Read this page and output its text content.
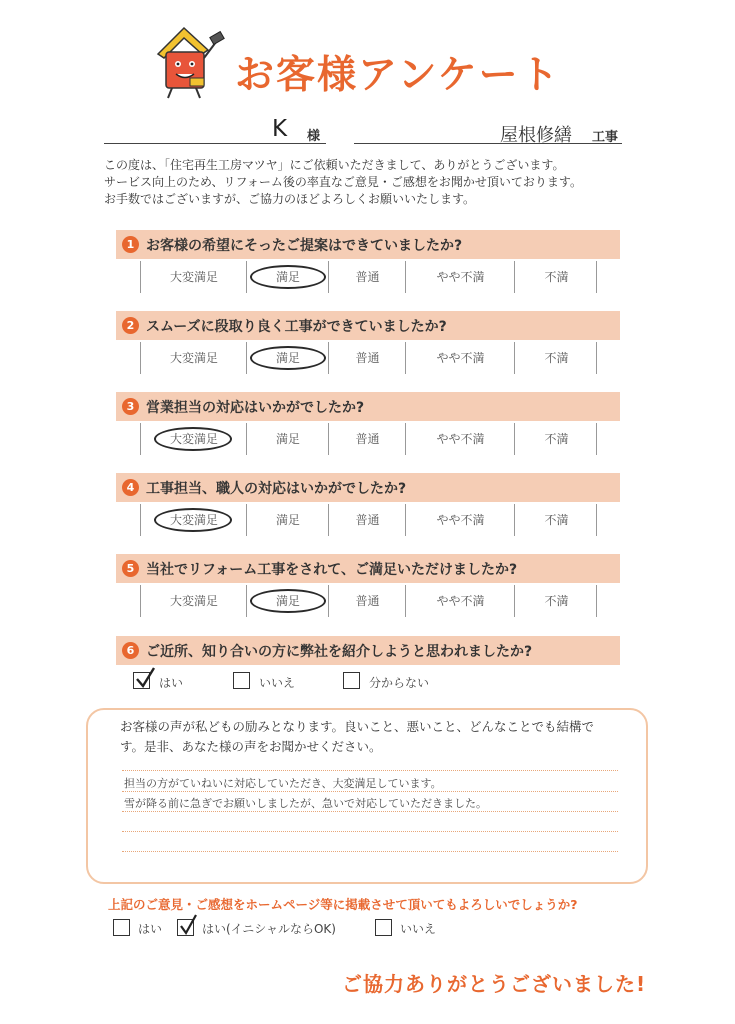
お客様アンケート
K 様	屋根修繕 工事
この度は、「住宅再生工房マツヤ」にご依頼いただきまして、ありがとうございます。
サービス向上のため、リフォーム後の率直なご意見・ご感想をお聞かせ頂いております。
お手数ではございますが、ご協力のほどよろしくお願いいたします。
1 お客様の希望にそったご提案はできていましたか?
大変満足	満足	普通	やや不満	不満
2 スムーズに段取り良く工事ができていましたか?
大変満足	満足	普通	やや不満	不満
3 営業担当の対応はいかがでしたか?
大変満足	満足	普通	やや不満	不満
4 工事担当、職人の対応はいかがでしたか?
大変満足	満足	普通	やや不満	不満
5 当社でリフォーム工事をされて、ご満足いただけましたか?
大変満足	満足	普通	やや不満	不満
6 ご近所、知り合いの方に弊社を紹介しようと思われましたか?
はい	いいえ	分からない
お客様の声が私どもの励みとなります。良いこと、悪いこと、どんなことでも結構で
す。是非、あなた様の声をお聞かせください。
担当の方がていねいに対応していただき、大変満足しています。
雪が降る前に急ぎでお願いしましたが、急いで対応していただきました。
上記のご意見・ご感想をホームページ等に掲載させて頂いてもよろしいでしょうか?
はい	はい(イニシャルならOK)	いいえ
ご協力ありがとうございました!
